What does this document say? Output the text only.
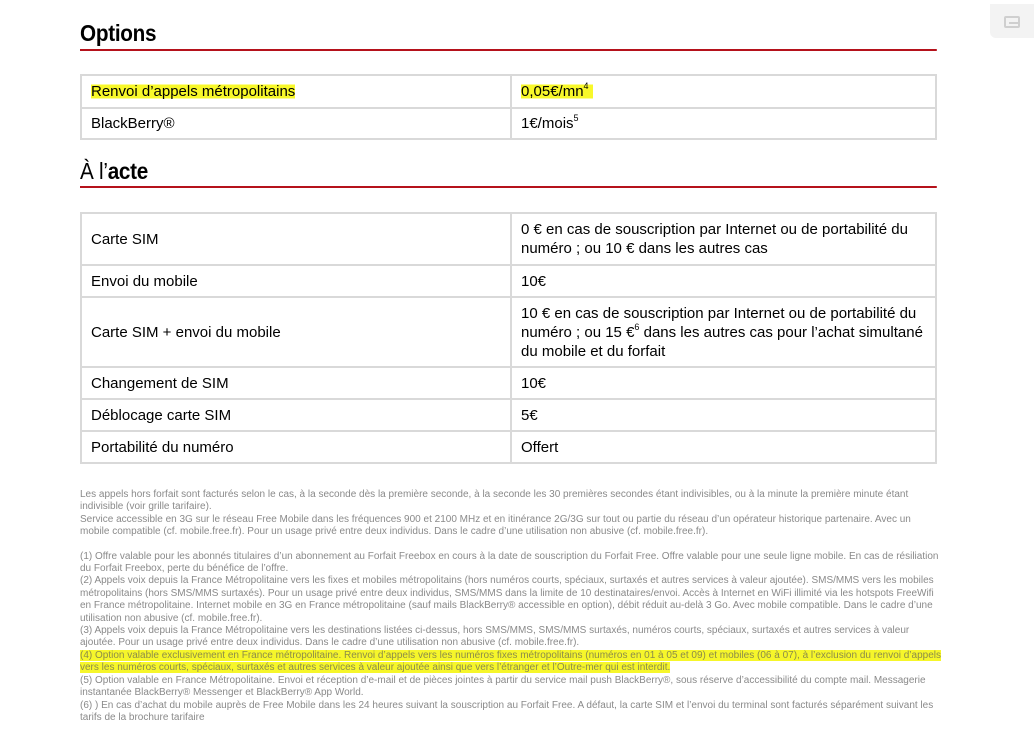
Options
Renvoi d’appels métropolitains	$0,05€/mn^4$
BlackBerry®	1€/mois$^5$
À l’acte
Carte SIM	0 € en cas de souscription par Internet ou de portabilité du numéro ; ou 10 € dans les autres cas
Envoi du mobile	10€
Carte SIM + envoi du mobile	10 € en cas de souscription par Internet ou de portabilité du numéro ; ou 15 €$^6$ dans les autres cas pour l’achat simultané du mobile et du forfait
Changement de SIM	10€
Déblocage carte SIM	5€
Portabilité du numéro	Offert

Les appels hors forfait sont facturés selon le cas, à la seconde dès la première seconde, à la seconde les 30 premières secondes étant indivisibles, ou à la minute la première minute étant indivisible (voir grille tarifaire).

Service accessible en 3G sur le réseau Free Mobile dans les fréquences 900 et 2100 MHz et en itinérance 2G/3G sur tout ou partie du réseau d’un opérateur historique partenaire. Avec un mobile compatible (cf. mobile.free.fr). Pour un usage privé entre deux individus. Dans le cadre d’une utilisation non abusive (cf. mobile.free.fr).

(1) Offre valable pour les abonnés titulaires d’un abonnement au Forfait Freebox en cours à la date de souscription du Forfait Free. Offre valable pour une seule ligne mobile. En cas de résiliation du Forfait Freebox, perte du bénéfice de l’offre.

(2) Appels voix depuis la France Métropolitaine vers les fixes et mobiles métropolitains (hors numéros courts, spéciaux, surtaxés et autres services à valeur ajoutée). SMS/MMS vers les mobiles métropolitains (hors SMS/MMS surtaxés). Pour un usage privé entre deux individus, SMS/MMS dans la limite de 10 destinataires/envoi. Accès à Internet en WiFi illimité via les hotspots FreeWifi en France métropolitaine. Internet mobile en 3G en France métropolitaine (sauf mails BlackBerry® accessible en option), débit réduit au-delà 3 Go. Avec mobile compatible. Dans le cadre d’une utilisation non abusive (cf. mobile.free.fr).

(3) Appels voix depuis la France Métropolitaine vers les destinations listées ci-dessus, hors SMS/MMS, SMS/MMS surtaxés, numéros courts, spéciaux, surtaxés et autres services à valeur ajoutée. Pour un usage privé entre deux individus. Dans le cadre d’une utilisation non abusive (cf. mobile.free.fr).

(4) Option valable exclusivement en France métropolitaine. Renvoi d’appels vers les numéros fixes métropolitains (numéros en 01 à 05 et 09) et mobiles (06 à 07), à l’exclusion du renvoi d’appels vers les numéros courts, spéciaux, surtaxés et autres services à valeur ajoutée ainsi que vers l’étranger et l’Outre-mer qui est interdit.

(5) Option valable en France Métropolitaine. Envoi et réception d’e-mail et de pièces jointes à partir du service mail push BlackBerry®, sous réserve d’accessibilité du compte mail. Messagerie instantanée BlackBerry® Messenger et BlackBerry® App World.

(6) ) En cas d’achat du mobile auprès de Free Mobile dans les 24 heures suivant la souscription au Forfait Free. A défaut, la carte SIM et l’envoi du terminal sont facturés séparément suivant les tarifs de la brochure tarifaire
